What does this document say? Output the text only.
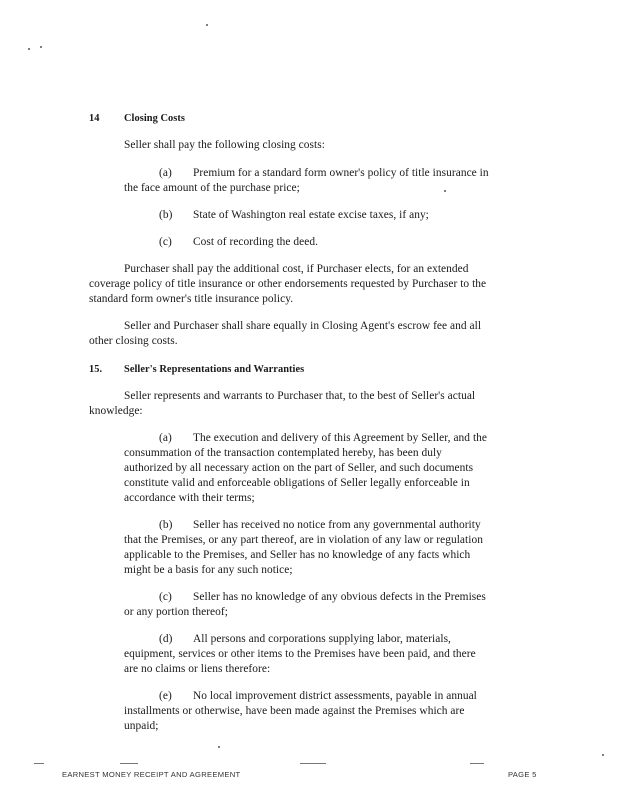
14 Closing Costs
Seller shall pay the following closing costs:
(a) Premium for a standard form owner's policy of title insurance in
the face amount of the purchase price;
(b) State of Washington real estate excise taxes, if any;
(c) Cost of recording the deed.
Purchaser shall pay the additional cost, if Purchaser elects, for an extended
coverage policy of title insurance or other endorsements requested by Purchaser to the
standard form owner's title insurance policy.
Seller and Purchaser shall share equally in Closing Agent's escrow fee and all
other closing costs.
15. Seller's Representations and Warranties
Seller represents and warrants to Purchaser that, to the best of Seller's actual
knowledge:
(a) The execution and delivery of this Agreement by Seller, and the
consummation of the transaction contemplated hereby, has been duly
authorized by all necessary action on the part of Seller, and such documents
constitute valid and enforceable obligations of Seller legally enforceable in
accordance with their terms;
(b) Seller has received no notice from any governmental authority
that the Premises, or any part thereof, are in violation of any law or regulation
applicable to the Premises, and Seller has no knowledge of any facts which
might be a basis for any such notice;
(c) Seller has no knowledge of any obvious defects in the Premises
or any portion thereof;
(d) All persons and corporations supplying labor, materials,
equipment, services or other items to the Premises have been paid, and there
are no claims or liens therefore:
(e) No local improvement district assessments, payable in annual
installments or otherwise, have been made against the Premises which are
unpaid;
EARNEST MONEY RECEIPT AND AGREEMENT	PAGE 5
